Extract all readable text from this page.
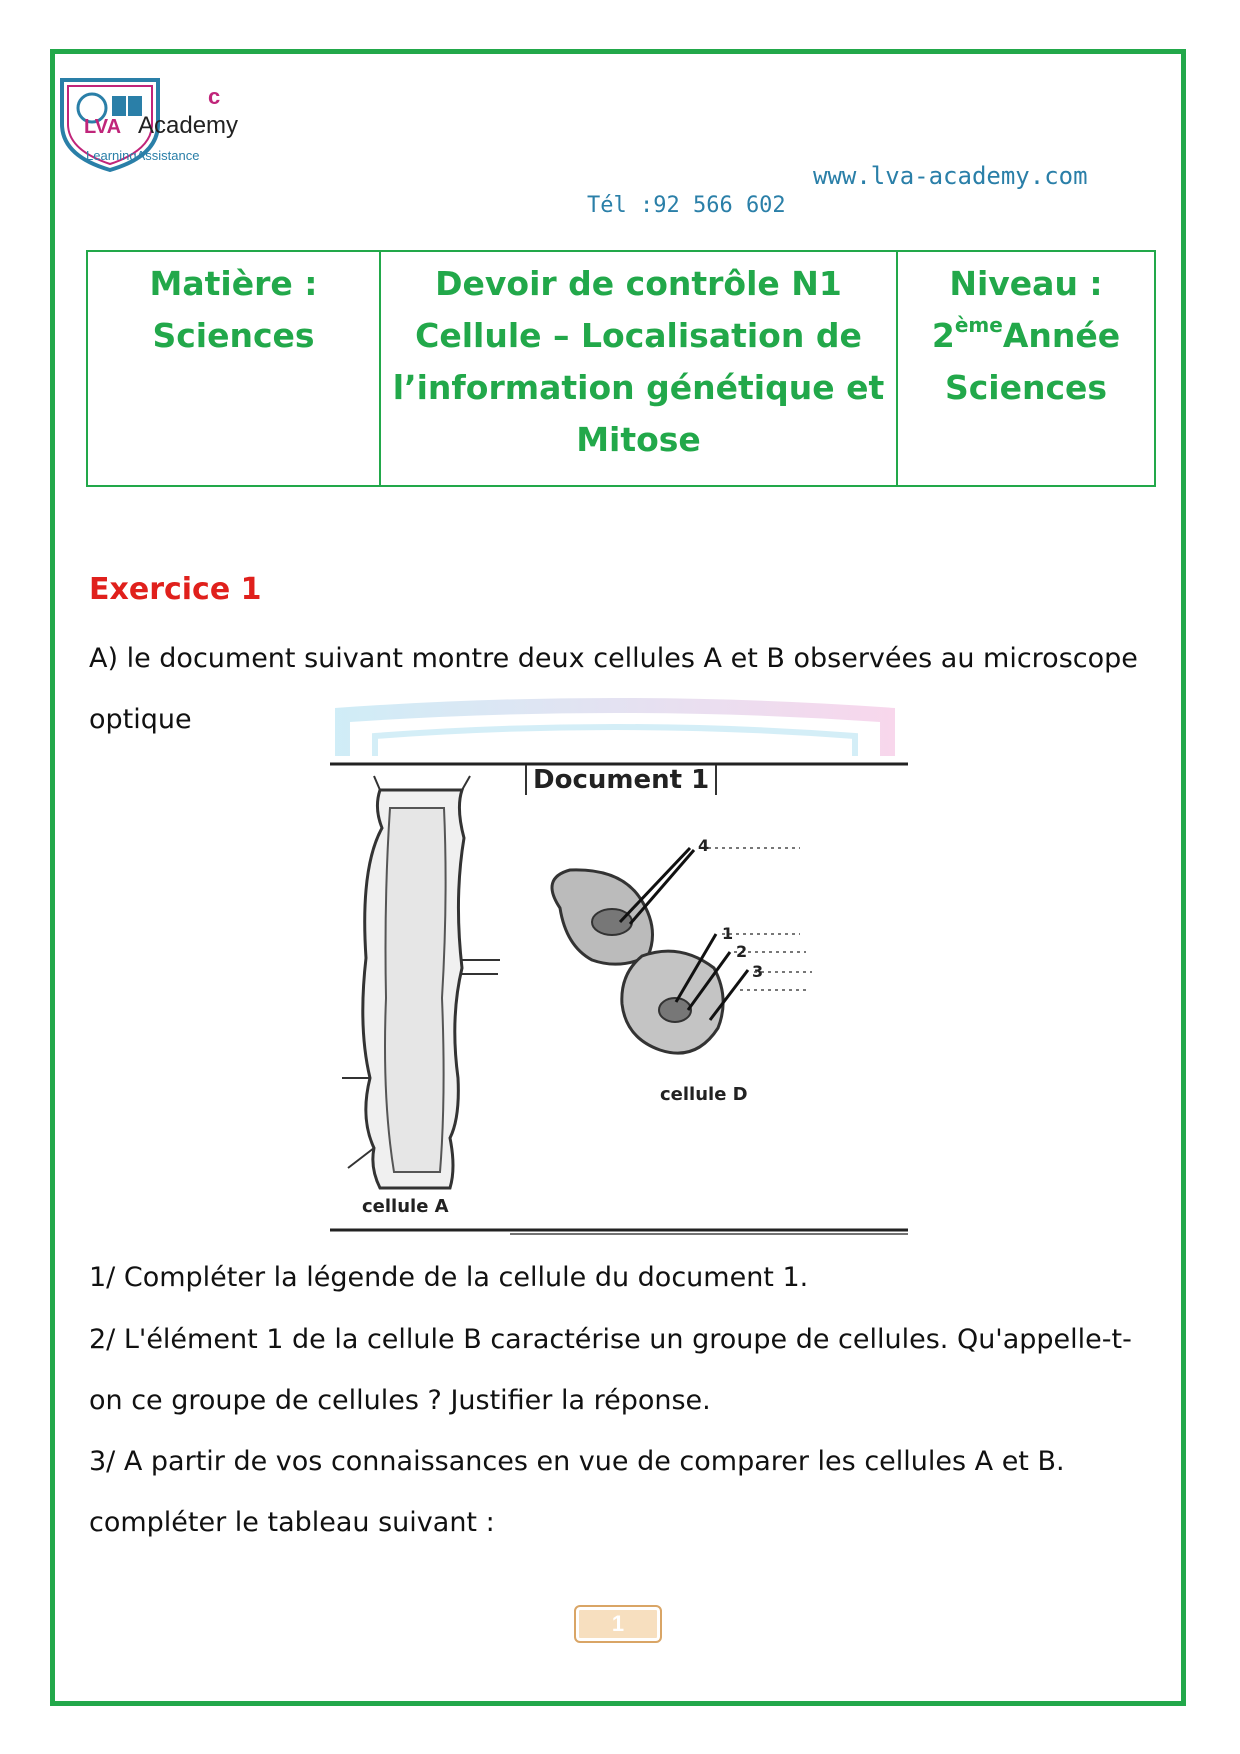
c
LVA Academy
LearningAssistance
www.lva-academy.com
Tél :92 566 602
Matière :
Sciences
Devoir de contrôle N1
Cellule – Localisation de
l’information génétique et
Mitose
Niveau :
2èmeAnnée
Sciences
Exercice 1
A) le document suivant montre deux cellules A et B observées au microscope
optique
Document 1
4
1
2
3
cellule D
cellule A
1/ Compléter la légende de la cellule du document 1.
2/ L'élément 1 de la cellule B caractérise un groupe de cellules. Qu'appelle-t-
on ce groupe de cellules ? Justifier la réponse.
3/ A partir de vos connaissances en vue de comparer les cellules A et B.
compléter le tableau suivant :
1
